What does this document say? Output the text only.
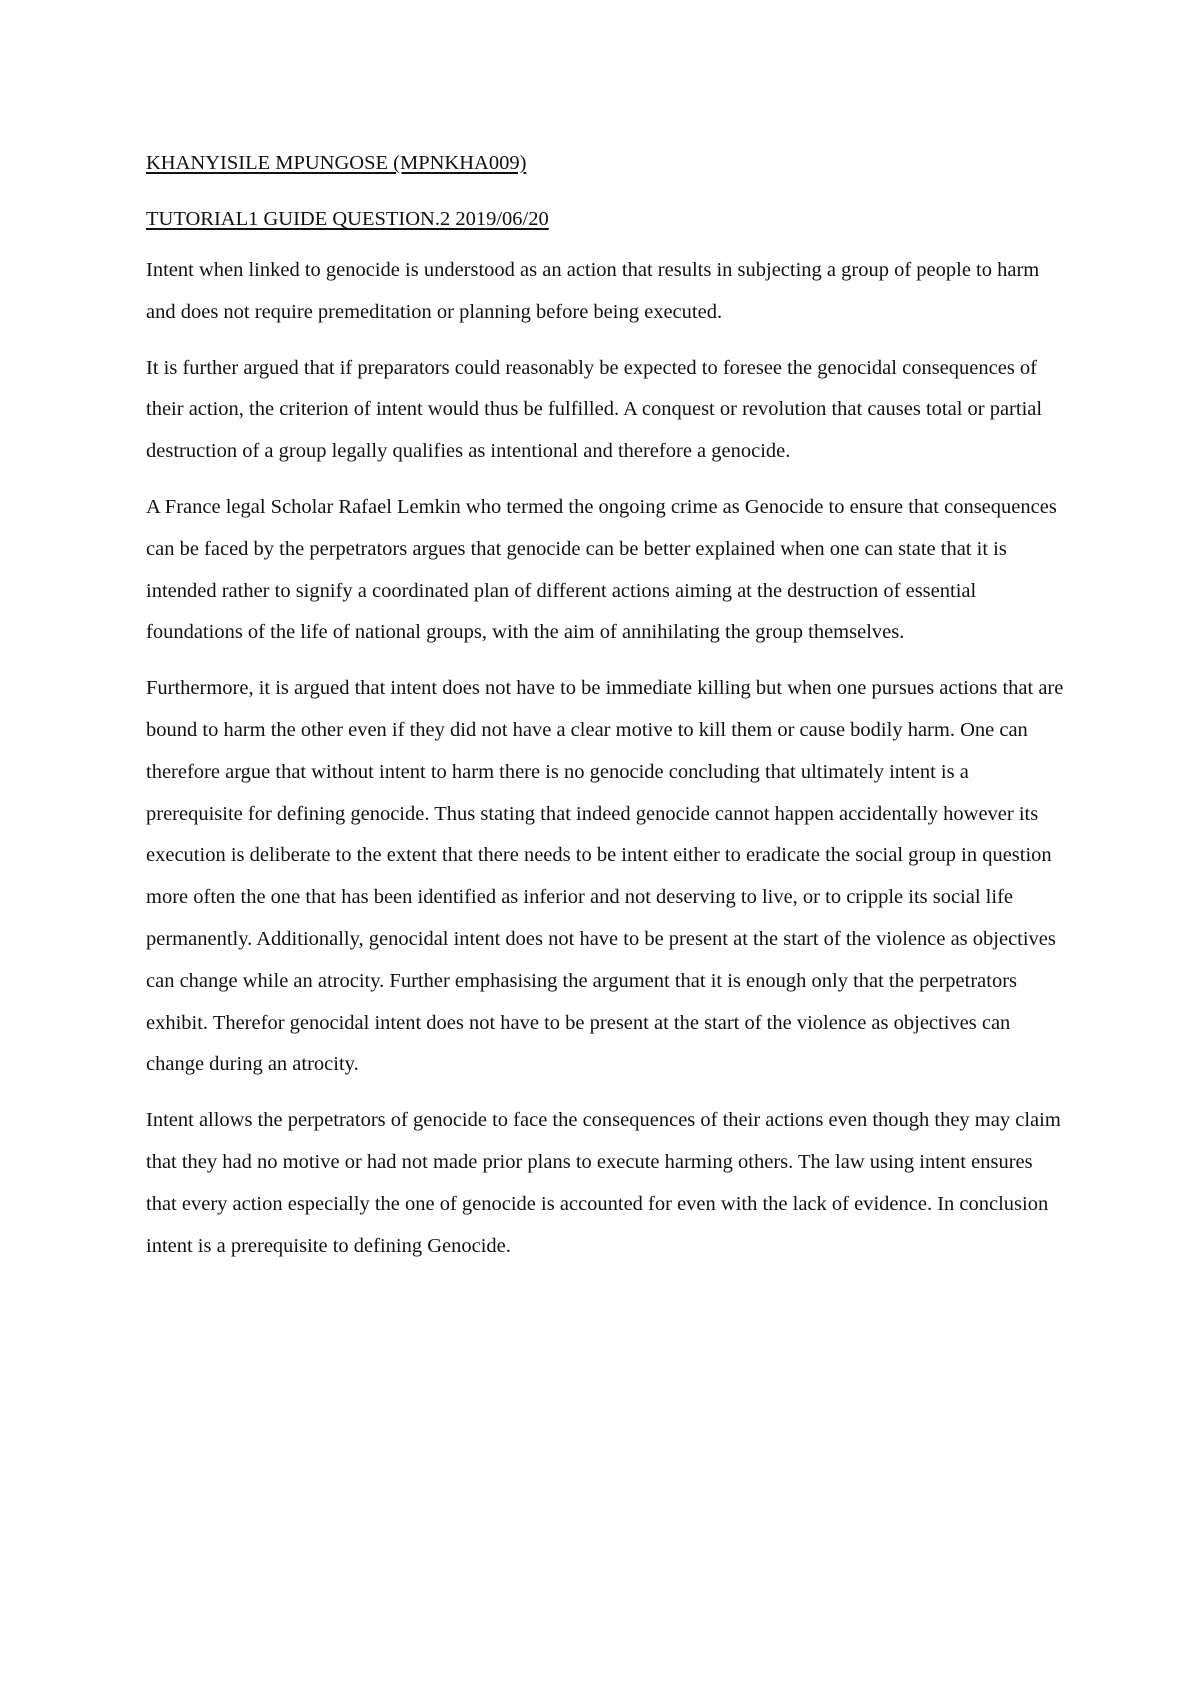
KHANYISILE MPUNGOSE (MPNKHA009)

TUTORIAL1 GUIDE QUESTION.2 2019/06/20

Intent when linked to genocide is understood as an action that results in subjecting a group of people to harm and does not require premeditation or planning before being executed.

It is further argued that if preparators could reasonably be expected to foresee the genocidal consequences of their action, the criterion of intent would thus be fulfilled. A conquest or revolution that causes total or partial destruction of a group legally qualifies as intentional and therefore a genocide.

A France legal Scholar Rafael Lemkin who termed the ongoing crime as Genocide to ensure that consequences can be faced by the perpetrators argues that genocide can be better explained when one can state that it is intended rather to signify a coordinated plan of different actions aiming at the destruction of essential foundations of the life of national groups, with the aim of annihilating the group themselves.

Furthermore, it is argued that intent does not have to be immediate killing but when one pursues actions that are bound to harm the other even if they did not have a clear motive to kill them or cause bodily harm. One can therefore argue that without intent to harm there is no genocide concluding that ultimately intent is a prerequisite for defining genocide. Thus stating that indeed genocide cannot happen accidentally however its execution is deliberate to the extent that there needs to be intent either to eradicate the social group in question more often the one that has been identified as inferior and not deserving to live, or to cripple its social life permanently. Additionally, genocidal intent does not have to be present at the start of the violence as objectives can change while an atrocity. Further emphasising the argument that it is enough only that the perpetrators exhibit. Therefor genocidal intent does not have to be present at the start of the violence as objectives can change during an atrocity.

Intent allows the perpetrators of genocide to face the consequences of their actions even though they may claim that they had no motive or had not made prior plans to execute harming others. The law using intent ensures that every action especially the one of genocide is accounted for even with the lack of evidence. In conclusion intent is a prerequisite to defining Genocide.
